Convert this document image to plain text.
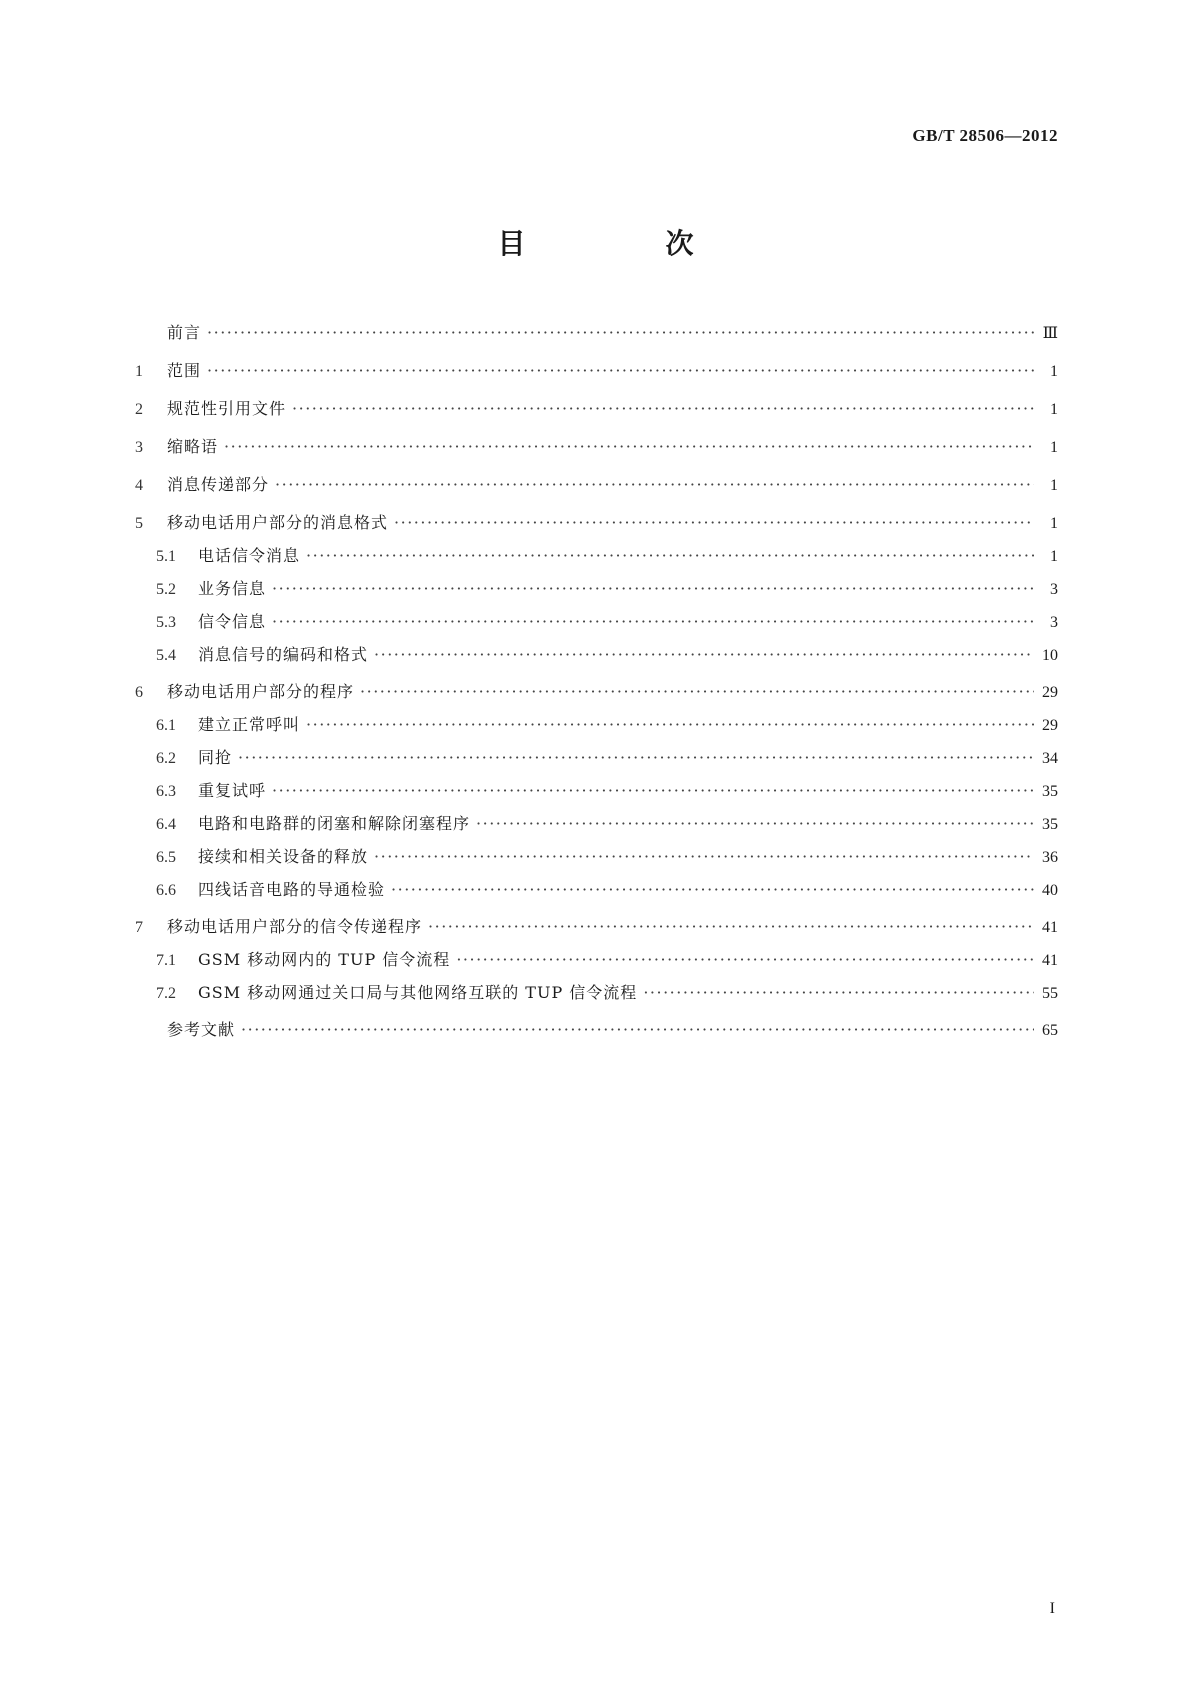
GB/T 28506—2012
目　次
前言 ·····	Ⅲ
1	范围 ·····	1
2	规范性引用文件 ·····	1
3	缩略语 ·····	1
4	消息传递部分 ·····	1
5	移动电话用户部分的消息格式 ·····	1
5.1	电话信令消息 ·····	1
5.2	业务信息 ·····	3
5.3	信令信息 ·····	3
5.4	消息信号的编码和格式 ·····	10
6	移动电话用户部分的程序 ·····	29
6.1	建立正常呼叫 ·····	29
6.2	同抢 ·····	34
6.3	重复试呼 ·····	35
6.4	电路和电路群的闭塞和解除闭塞程序 ·····	35
6.5	接续和相关设备的释放 ·····	36
6.6	四线话音电路的导通检验 ·····	40
7	移动电话用户部分的信令传递程序 ·····	41
7.1	GSM 移动网内的 TUP 信令流程 ·····	41
7.2	GSM 移动网通过关口局与其他网络互联的 TUP 信令流程 ·····	55
参考文献 ·····	65
I
